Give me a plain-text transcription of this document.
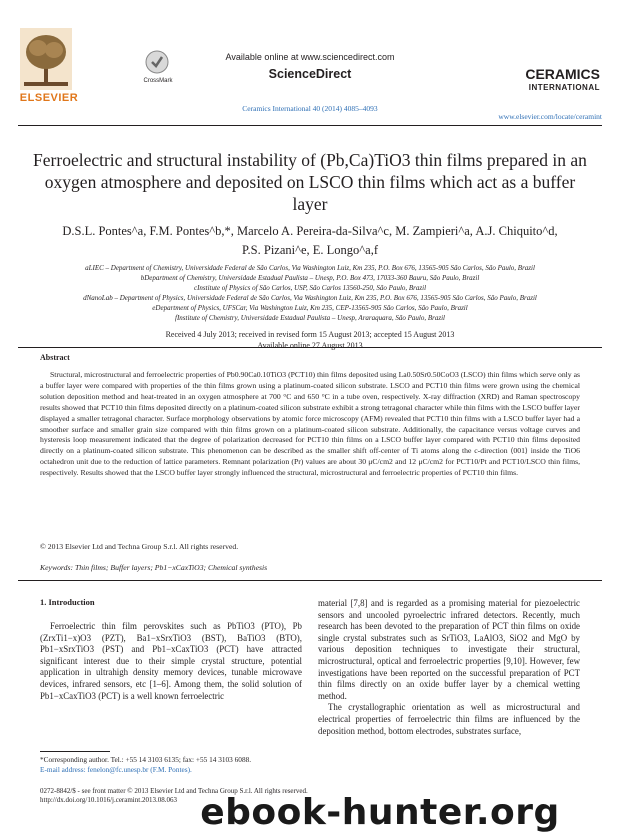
ELSEVIER
CrossMark
Available online at www.sciencedirect.com
ScienceDirect
Ceramics International 40 (2014) 4085–4093
CERAMICS
INTERNATIONAL
www.elsevier.com/locate/ceramint
Ferroelectric and structural instability of (Pb,Ca)TiO3 thin films prepared in an oxygen atmosphere and deposited on LSCO thin films which act as a buffer layer
D.S.L. Pontes^a, F.M. Pontes^b,*, Marcelo A. Pereira-da-Silva^c, M. Zampieri^a, A.J. Chiquito^d,
P.S. Pizani^e, E. Longo^a,f
aLIEC – Department of Chemistry, Universidade Federal de São Carlos, Via Washington Luiz, Km 235, P.O. Box 676, 13565-905 São Carlos, São Paulo, Brazil
bDepartment of Chemistry, Universidade Estadual Paulista – Unesp, P.O. Box 473, 17033-360 Bauru, São Paulo, Brazil
cInstitute of Physics of São Carlos, USP, São Carlos 13560-250, São Paulo, Brazil
dNanoLab – Department of Physics, Universidade Federal de São Carlos, Via Washington Luiz, Km 235, P.O. Box 676, 13565-905 São Carlos, São Paulo, Brazil
eDepartment of Physics, UFSCar, Via Washington Luiz, Km 235, CEP-13565-905 São Carlos, São Paulo, Brazil
fInstitute of Chemistry, Universidade Estadual Paulista – Unesp, Araraquara, São Paulo, Brazil
Received 4 July 2013; received in revised form 15 August 2013; accepted 15 August 2013
Available online 27 August 2013
Abstract

Structural, microstructural and ferroelectric properties of Pb0.90Ca0.10TiO3 (PCT10) thin films deposited using La0.50Sr0.50CoO3 (LSCO) thin films which serve only as a buffer layer were compared with properties of the thin films grown using a platinum-coated silicon substrate. LSCO and PCT10 thin films were grown using the chemical solution deposition method and heat-treated in an oxygen atmosphere at 700 °C and 650 °C in a tube oven, respectively. X-ray diffraction (XRD) and Raman spectroscopy results showed that PCT10 thin films deposited directly on a platinum-coated silicon substrate exhibit a strong tetragonal character while thin films with the LSCO buffer layer displayed a smaller tetragonal character. Surface morphology observations by atomic force microscopy (AFM) revealed that PCT10 thin films with a LSCO buffer layer had a smoother surface and smaller grain size compared with thin films grown on a platinum-coated silicon substrate. Additionally, the capacitance versus voltage curves and hysteresis loop measurement indicated that the degree of polarization decreased for PCT10 thin films on a LSCO buffer layer compared with PCT10 thin films deposited directly on a platinum-coated silicon substrate. This phenomenon can be described as the smaller shift off-center of Ti atoms along the c-direction ⟨001⟩ inside the TiO6 octahedron unit due to the reduction of lattice parameters. Remnant polarization (Pr) values are about 30 μC/cm2 and 12 μC/cm2 for PCT10/Pt and PCT10/LSCO thin films, respectively. Results showed that the LSCO buffer layer strongly influenced the structural, microstructural and ferroelectric properties of PCT10 thin films.

© 2013 Elsevier Ltd and Techna Group S.r.l. All rights reserved.
Keywords: Thin films; Buffer layers; Pb1−xCaxTiO3; Chemical synthesis
1. Introduction

Ferroelectric thin film perovskites such as PbTiO3 (PTO), Pb (ZrxTi1−x)O3 (PZT), Ba1−xSrxTiO3 (BST), BaTiO3 (BTO), Pb1−xSrxTiO3 (PST) and Pb1−xCaxTiO3 (PCT) have attracted significant interest due to their simple crystal structure, potential application in ultrahigh density memory devices, tunable microwave devices, infrared sensors, etc [1–6]. Among them, the solid solution of Pb1−xCaxTiO3 (PCT) is a well known ferroelectric

material [7,8] and is regarded as a promising material for piezoelectric sensors and uncooled pyroelectric infrared detectors. Recently, much research has been devoted to the preparation of PCT thin films on oxide single crystal substrates such as SrTiO3, LaAlO3, SiO2 and MgO by various deposition techniques to investigate their structural, microstructural, optical and ferroelectric properties [9,10]. However, few investigations have been reported on the successful preparation of PCT thin films directly on an oxide buffer layer by a chemical wetting method.

The crystallographic orientation as well as microstructural and electrical properties of ferroelectric thin films are influenced by the deposition method, bottom electrodes, substrates surface,

*Corresponding author. Tel.: +55 14 3103 6135; fax: +55 14 3103 6088.
E-mail address: fenelon@fc.unesp.br (F.M. Pontes).
0272-8842/$ - see front matter © 2013 Elsevier Ltd and Techna Group S.r.l. All rights reserved.
http://dx.doi.org/10.1016/j.ceramint.2013.08.063 ebook-hunter.org
